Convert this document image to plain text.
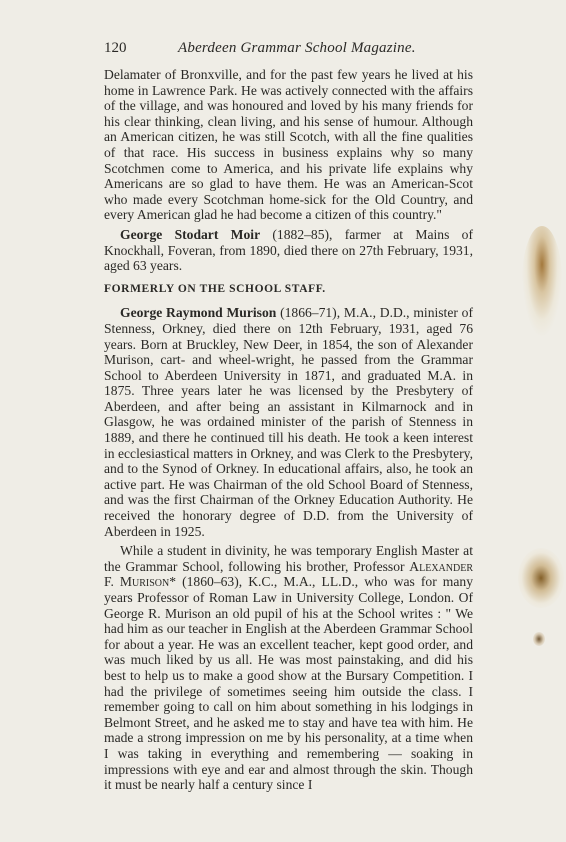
120	Aberdeen Grammar School Magazine.

Delamater of Bronxville, and for the past few years he lived at his home in Lawrence Park. He was actively connected with the affairs of the village, and was honoured and loved by his many friends for his clear thinking, clean living, and his sense of humour. Although an American citizen, he was still Scotch, with all the fine qualities of that race. His success in business explains why so many Scotchmen come to America, and his private life explains why Americans are so glad to have them. He was an American-Scot who made every Scotchman home-sick for the Old Country, and every American glad he had become a citizen of this country."

George Stodart Moir (1882–85), farmer at Mains of Knockhall, Foveran, from 1890, died there on 27th February, 1931, aged 63 years.

FORMERLY ON THE SCHOOL STAFF.

George Raymond Murison (1866–71), M.A., D.D., minister of Stenness, Orkney, died there on 12th February, 1931, aged 76 years. Born at Bruckley, New Deer, in 1854, the son of Alexander Murison, cart- and wheel-wright, he passed from the Grammar School to Aberdeen University in 1871, and graduated M.A. in 1875. Three years later he was licensed by the Presbytery of Aberdeen, and after being an assistant in Kilmarnock and in Glasgow, he was ordained minister of the parish of Stenness in 1889, and there he continued till his death. He took a keen interest in ecclesiastical matters in Orkney, and was Clerk to the Presbytery, and to the Synod of Orkney. In educational affairs, also, he took an active part. He was Chairman of the old School Board of Stenness, and was the first Chairman of the Orkney Education Authority. He received the honorary degree of D.D. from the University of Aberdeen in 1925.

While a student in divinity, he was temporary English Master at the Grammar School, following his brother, Professor Alexander F. Murison* (1860–63), K.C., M.A., LL.D., who was for many years Professor of Roman Law in University College, London. Of George R. Murison an old pupil of his at the School writes : " We had him as our teacher in English at the Aberdeen Grammar School for about a year. He was an excellent teacher, kept good order, and was much liked by us all. He was most painstaking, and did his best to help us to make a good show at the Bursary Competition. I had the privilege of sometimes seeing him outside the class. I remember going to call on him about something in his lodgings in Belmont Street, and he asked me to stay and have tea with him. He made a strong impression on me by his personality, at a time when I was taking in everything and remembering — soaking in impressions with eye and ear and almost through the skin. Though it must be nearly half a century since I
